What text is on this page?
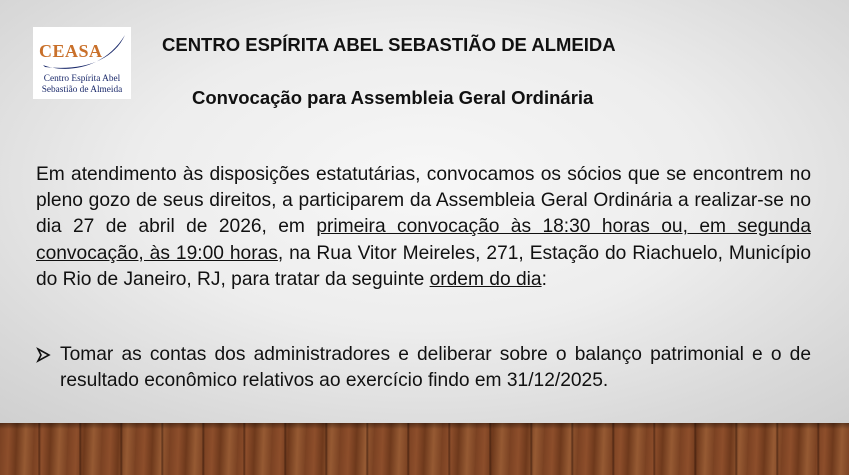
CEASA
Centro Espírita Abel
Sebastião de Almeida
CENTRO ESPÍRITA ABEL SEBASTIÃO DE ALMEIDA
Convocação para Assembleia Geral Ordinária
Em atendimento às disposições estatutárias, convocamos os sócios que se encontrem no pleno gozo de seus direitos, a participarem da Assembleia Geral Ordinária a realizar-se no dia 27 de abril de 2026, em primeira convocação às 18:30 horas ou, em segunda convocação, às 19:00 horas, na Rua Vitor Meireles, 271, Estação do Riachuelo, Município do Rio de Janeiro, RJ, para tratar da seguinte ordem do dia:
Tomar as contas dos administradores e deliberar sobre o balanço patrimonial e o de resultado econômico relativos ao exercício findo em 31/12/2025.
